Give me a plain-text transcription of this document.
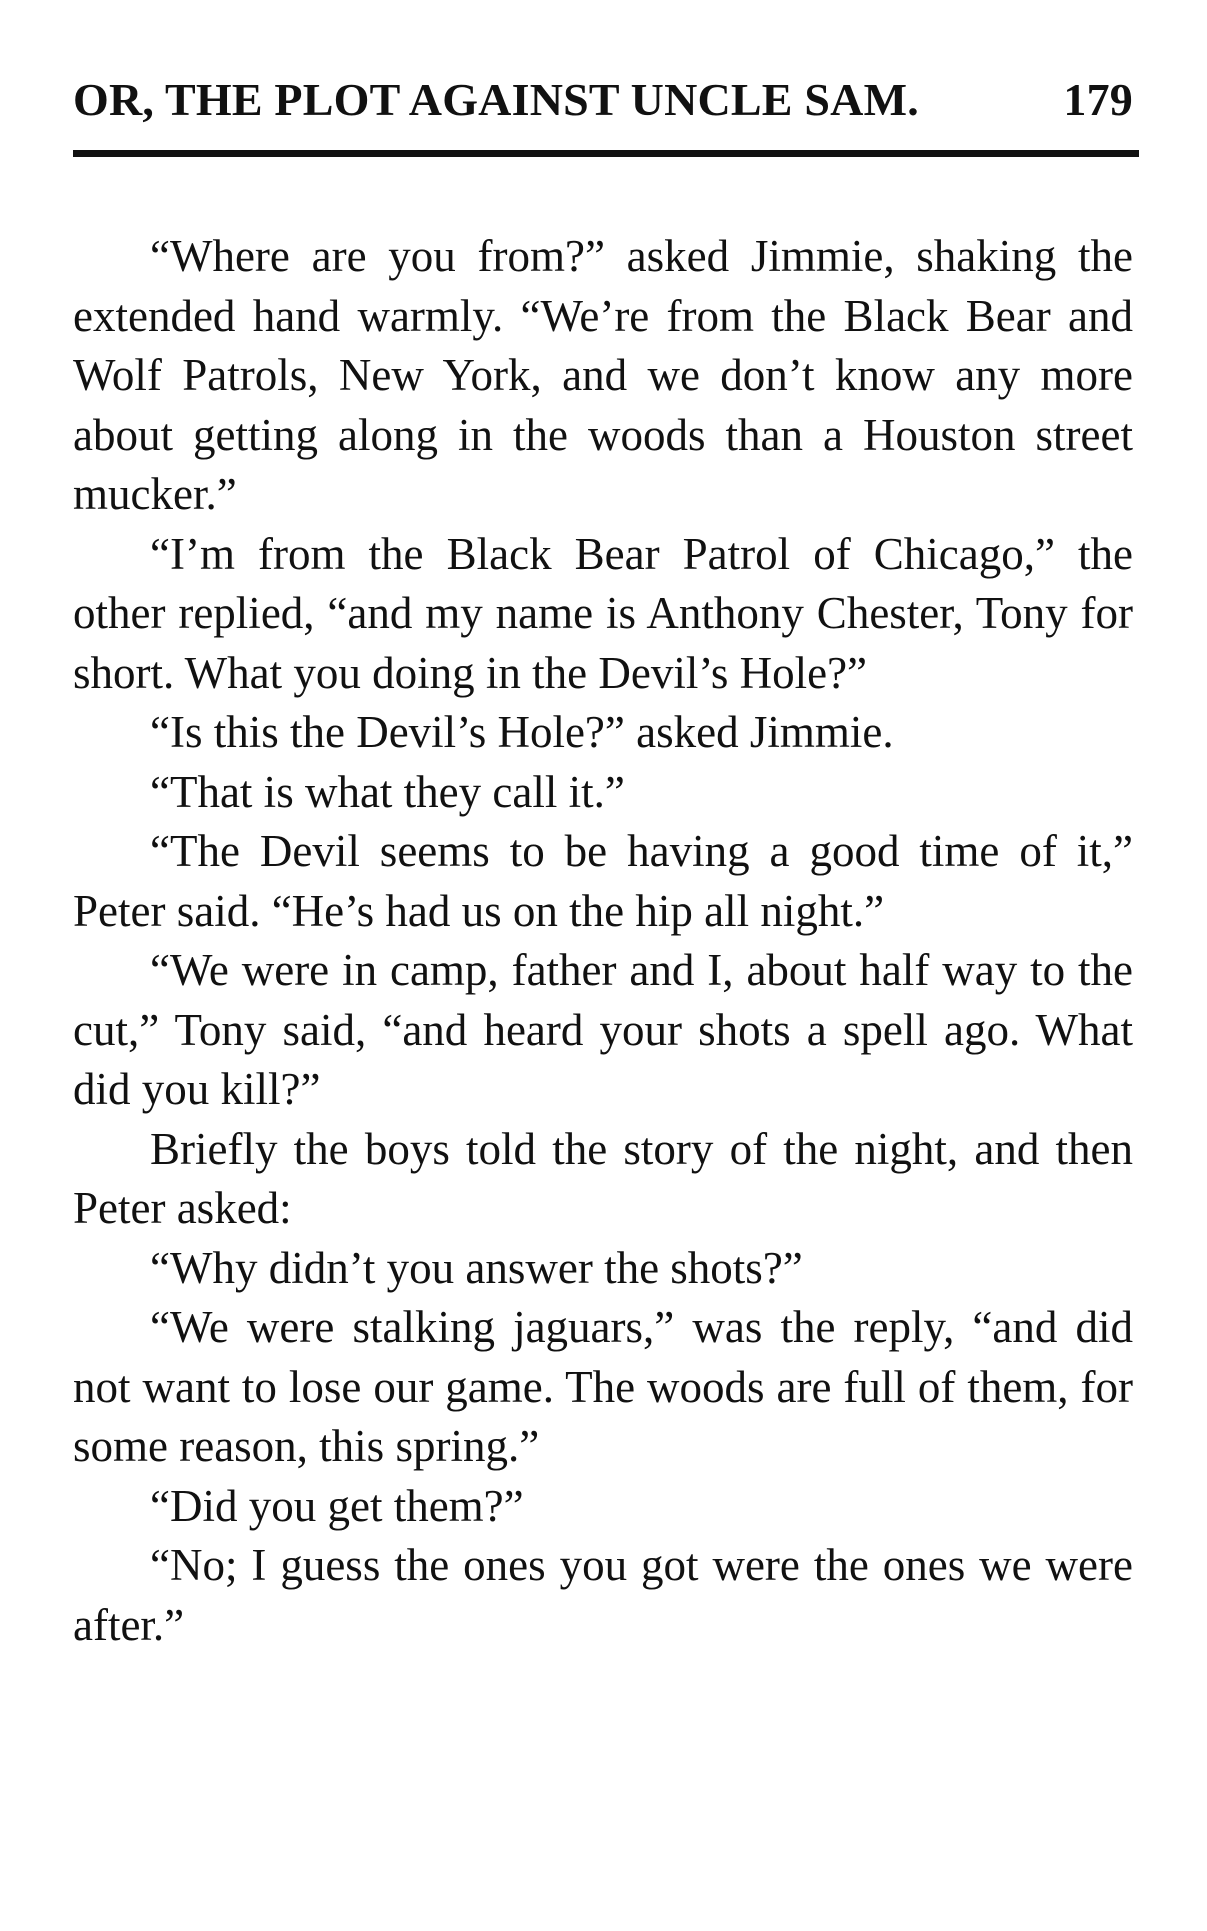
OR, THE PLOT AGAINST UNCLE SAM.	179

“Where are you from?” asked Jimmie, shaking the extended hand warmly. “We’re from the Black Bear and Wolf Patrols, New York, and we don’t know any more about getting along in the woods than a Houston street mucker.”

“I’m from the Black Bear Patrol of Chicago,” the other replied, “and my name is Anthony Chester, Tony for short. What you doing in the Devil’s Hole?”

“Is this the Devil’s Hole?” asked Jimmie.

“That is what they call it.”

“The Devil seems to be having a good time of it,” Peter said. “He’s had us on the hip all night.”

“We were in camp, father and I, about half way to the cut,” Tony said, “and heard your shots a spell ago. What did you kill?”

Briefly the boys told the story of the night, and then Peter asked:

“Why didn’t you answer the shots?”

“We were stalking jaguars,” was the reply, “and did not want to lose our game. The woods are full of them, for some reason, this spring.”

“Did you get them?”

“No; I guess the ones you got were the ones we were after.”
